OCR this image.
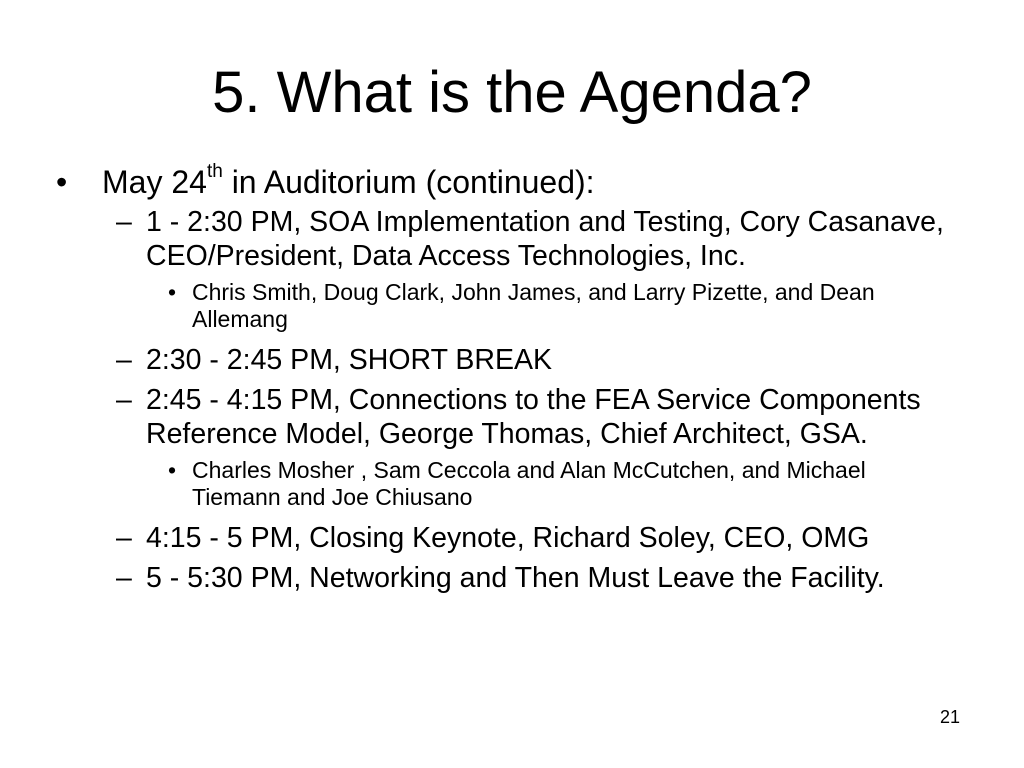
5. What is the Agenda?
• May 24th in Auditorium (continued):
– 1 - 2:30 PM, SOA Implementation and Testing, Cory Casanave, CEO/President, Data Access Technologies, Inc.
• Chris Smith, Doug Clark, John James, and Larry Pizette, and Dean Allemang
– 2:30 - 2:45 PM, SHORT BREAK
– 2:45 - 4:15 PM, Connections to the FEA Service Components Reference Model, George Thomas, Chief Architect, GSA.
• Charles Mosher , Sam Ceccola and Alan McCutchen, and Michael Tiemann and Joe Chiusano
– 4:15 - 5 PM, Closing Keynote, Richard Soley, CEO, OMG
– 5 - 5:30 PM, Networking and Then Must Leave the Facility.
21
